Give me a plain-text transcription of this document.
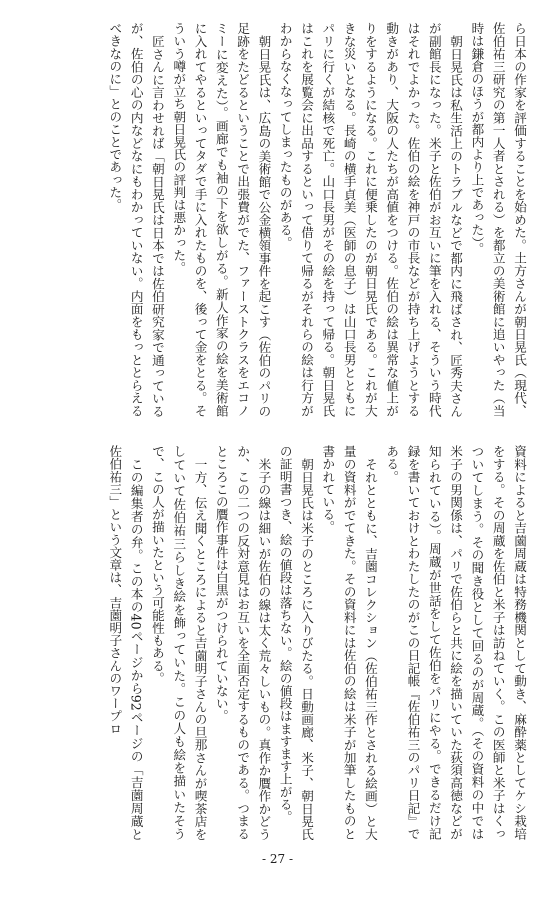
ら日本の作家を評価することを始めた。土方さんが朝日晃氏（現代、佐伯祐三研究の第一人者とされる）を都立の美術館に追いやった（当時は鎌倉のほうが都内より上であった）。

朝日晃氏は私生活上のトラブルなどで都内に飛ばされ、匠秀夫さんが副館長になった。米子と佐伯がお互いに筆を入れる、そういう時代はそれでよかった。佐伯の絵を神戸の市長などが持ち上げようとする動きがあり、大阪の人たちが高値をつける。佐伯の絵は異常な値上がりをするようになる。これに便乗したのが朝日晃氏である。これが大きな災いとなる。長崎の横手貞美（医師の息子）は山口長男とともにパリに行くが結核で死亡。山口長男がその絵を持って帰る。朝日晃氏はこれを展覧会に出品するといって借りて帰るがそれらの絵は行方がわからなくなってしまったものがある。

朝日晃氏は、広島の美術館で公金横領事件を起こす（佐伯のパリの足跡をたどるということで出張費がでた、ファーストクラスをエコノミーに変えた）。画廊でも袖の下を欲しがる。新人作家の絵を美術館に入れてやるといってタダで手に入れたものを、後って金をとる。そういう噂が立ち朝日晃氏の評判は悪かった。

匠さんに言わせれば「朝日晃氏は日本では佐伯研究家で通っているが、佐伯の心の内などなにもわかっていない。内面をもっととらえるべきなのに」とのことであった。

資料によると吉薗周蔵は特務機関として動き、麻酔薬としてケシ栽培をする。その周蔵を佐伯と米子は訪ねていく。この医師と米子はくっついてしまう。その聞き役として回るのが周蔵。（その資料の中では米子の男関係は、パリで佐伯らと共に絵を描いていた荻須高徳などが知られている）。周蔵が世話をして佐伯をパリにやる。できるだけ記録を書いておけとわたしたのがこの日記帳『佐伯祐三のパリ日記』である。

それとともに、吉薗コレクション（佐伯祐三作とされる絵画）と大量の資料がでてきた。その資料には佐伯の絵は米子が加筆したものと書かれている。

朝日晃氏は米子のところに入りびたる。日動画廊、米子、朝日晃氏の証明書つき、絵の値段は落ちない。絵の値段はますます上がる。

米子の線は細いが佐伯の線は太く荒々しいもの。真作か贋作かどうか、この二つの反対意見はお互いを全面否定するものである。つまるところこの贋作事件は白黒がつけられていない。

一方、伝え聞くところによると吉薗明子さんの旦那さんが喫茶店をしていて佐伯祐三らしき絵を飾っていた。この人も絵を描いたそうで、この人が描いたという可能性もある。

この編集者の弁。この本の40ページから92ページの「吉薗周蔵と佐伯祐三」という文章は、吉薗明子さんのワープロ

- 27 -
